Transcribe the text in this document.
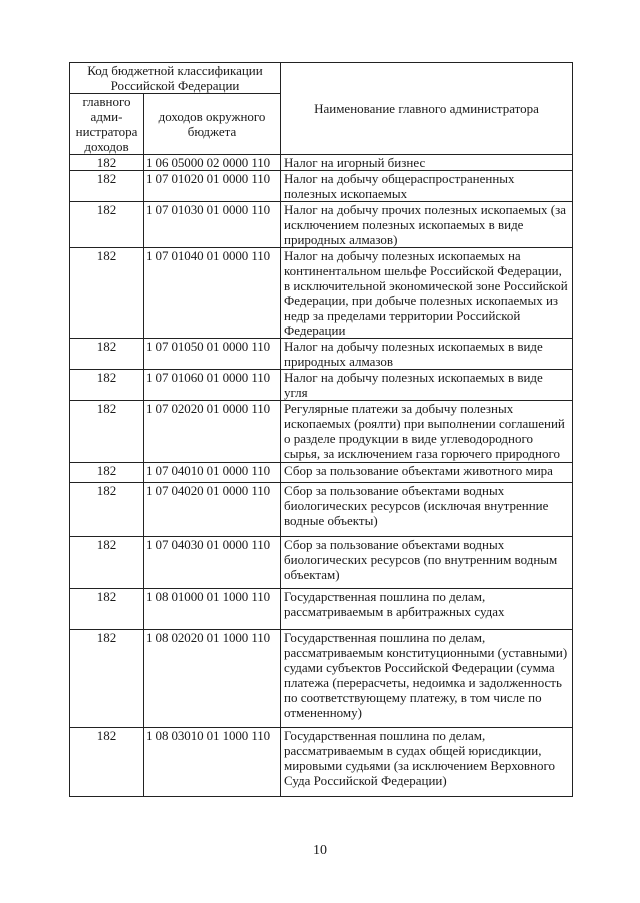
Код бюджетной классификации Российской Федерации		Наименование главного администратора
главного адми-нистратора доходов	доходов окружного бюджета	
182	1 06 05000 02 0000 110	Налог на игорный бизнес
182	1 07 01020 01 0000 110	Налог на добычу общераспространенных полезных ископаемых
182	1 07 01030 01 0000 110	Налог на добычу прочих полезных ископаемых (за исключением полезных ископаемых в виде природных алмазов)
182	1 07 01040 01 0000 110	Налог на добычу полезных ископаемых на континентальном шельфе Российской Федерации, в исключительной экономической зоне Российской Федерации, при добыче полезных ископаемых из недр за пределами территории Российской Федерации
182	1 07 01050 01 0000 110	Налог на добычу полезных ископаемых в виде природных алмазов
182	1 07 01060 01 0000 110	Налог на добычу полезных ископаемых в виде угля
182	1 07 02020 01 0000 110	Регулярные платежи за добычу полезных ископаемых (роялти) при выполнении соглашений о разделе продукции в виде углеводородного сырья, за исключением газа горючего природного
182	1 07 04010 01 0000 110	Сбор за пользование объектами животного мира
182	1 07 04020 01 0000 110	Сбор за пользование объектами водных биологических ресурсов (исключая внутренние водные объекты)
182	1 07 04030 01 0000 110	Сбор за пользование объектами водных биологических ресурсов (по внутренним водным объектам)
182	1 08 01000 01 1000 110	Государственная пошлина по делам, рассматриваемым в арбитражных судах
182	1 08 02020 01 1000 110	Государственная пошлина по делам, рассматриваемым конституционными (уставными) судами субъектов Российской Федерации (сумма платежа (перерасчеты, недоимка и задолженность по соответствующему платежу, в том числе по отмененному)
182	1 08 03010 01 1000 110	Государственная пошлина по делам, рассматриваемым в судах общей юрисдикции, мировыми судьями (за исключением Верховного Суда Российской Федерации)
10
